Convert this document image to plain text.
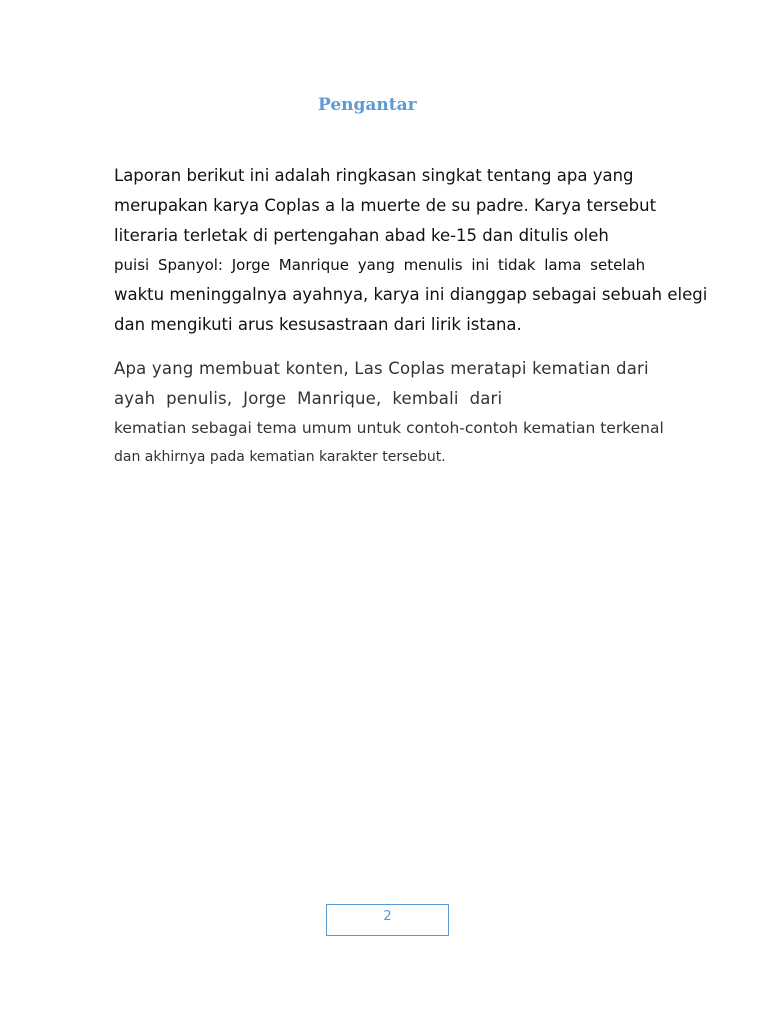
Pengantar

Laporan berikut ini adalah ringkasan singkat tentang apa yang

merupakan karya Coplas a la muerte de su padre. Karya tersebut

literaria terletak di pertengahan abad ke-15 dan ditulis oleh

puisi Spanyol: Jorge Manrique yang menulis ini tidak lama setelah

waktu meninggalnya ayahnya, karya ini dianggap sebagai sebuah elegi

dan mengikuti arus kesusastraan dari lirik istana.

Apa yang membuat konten, Las Coplas meratapi kematian dari

ayah  penulis,  Jorge  Manrique,  kembali  dari

kematian sebagai tema umum untuk contoh-contoh kematian terkenal

dan akhirnya pada kematian karakter tersebut.

2
